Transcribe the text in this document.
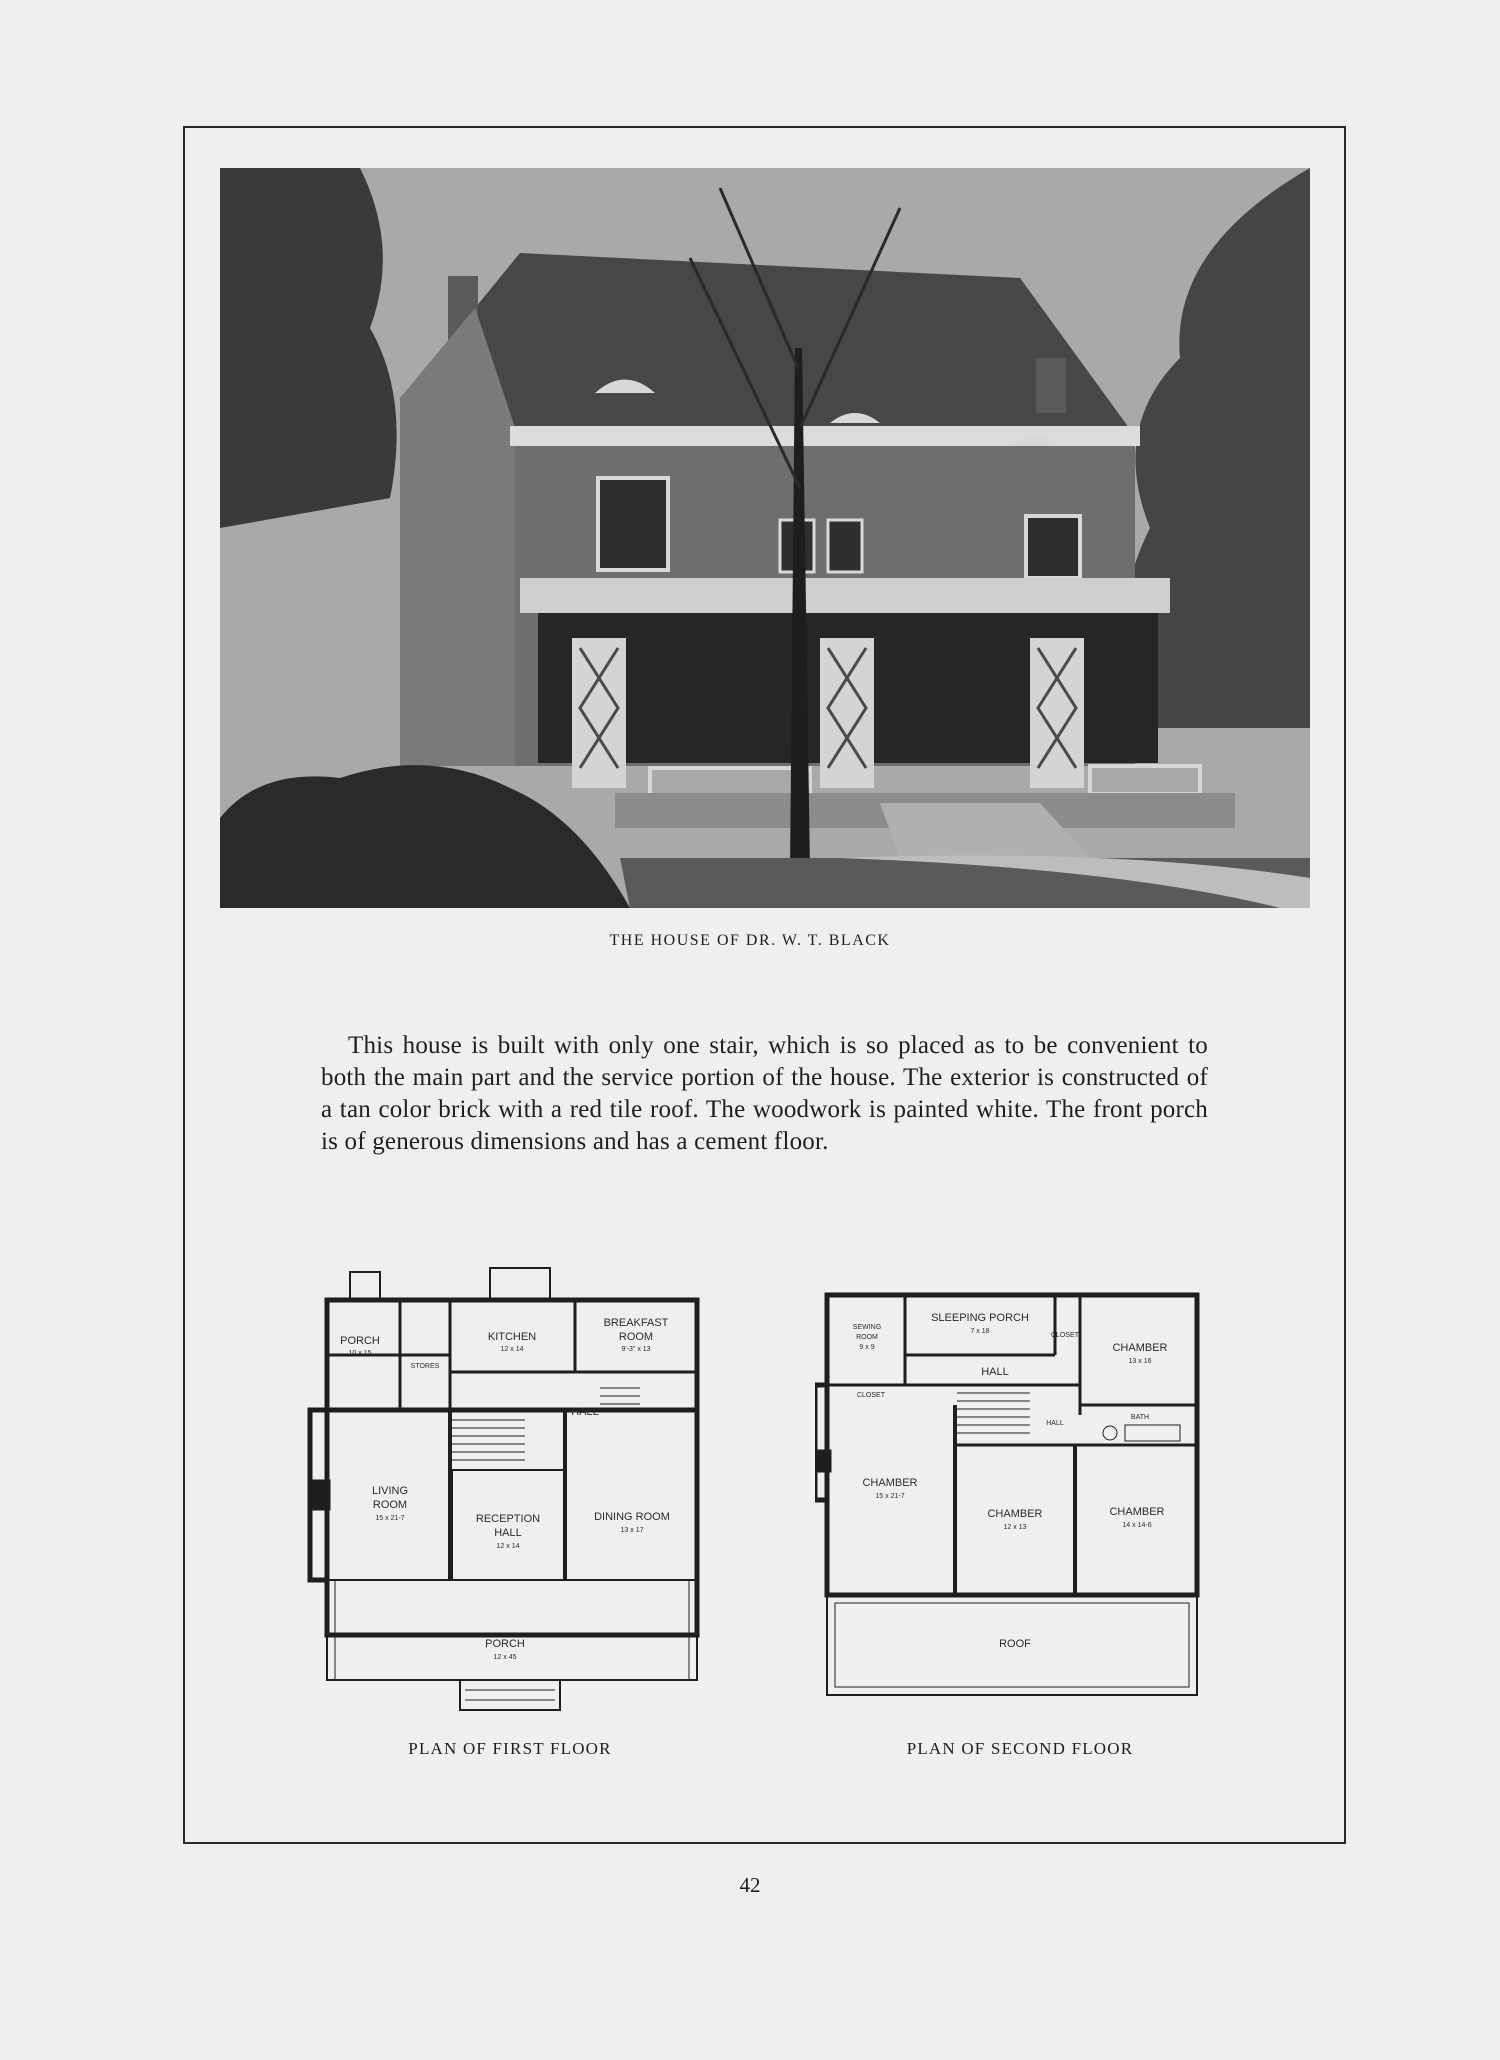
THE HOUSE OF DR. W. T. BLACK
This house is built with only one stair, which is so placed as to be convenient to both the main part and the service portion of the house. The exterior is constructed of a tan color brick with a red tile roof. The woodwork is painted white. The front porch is of generous dimensions and has a cement floor.
PORCH
10 x 15
STORES
KITCHEN
12 x 14
BREAKFAST
ROOM
9'-3" x 13
HALL
LIVING
ROOM
15 x 21-7	RECEPTION
HALL
12 x 14
DINING ROOM
13 x 17
PORCH
12 x 45
PLAN OF FIRST FLOOR
SEWING
ROOM
9 x 9
SLEEPING PORCH
7 x 18
CHAMBER
13 x 16
CLOSET
CLOSET
HALL
HALL
BATH
CHAMBER
15 x 21-7
CHAMBER
12 x 13
CHAMBER
14 x 14-6
ROOF
PLAN OF SECOND FLOOR
42
